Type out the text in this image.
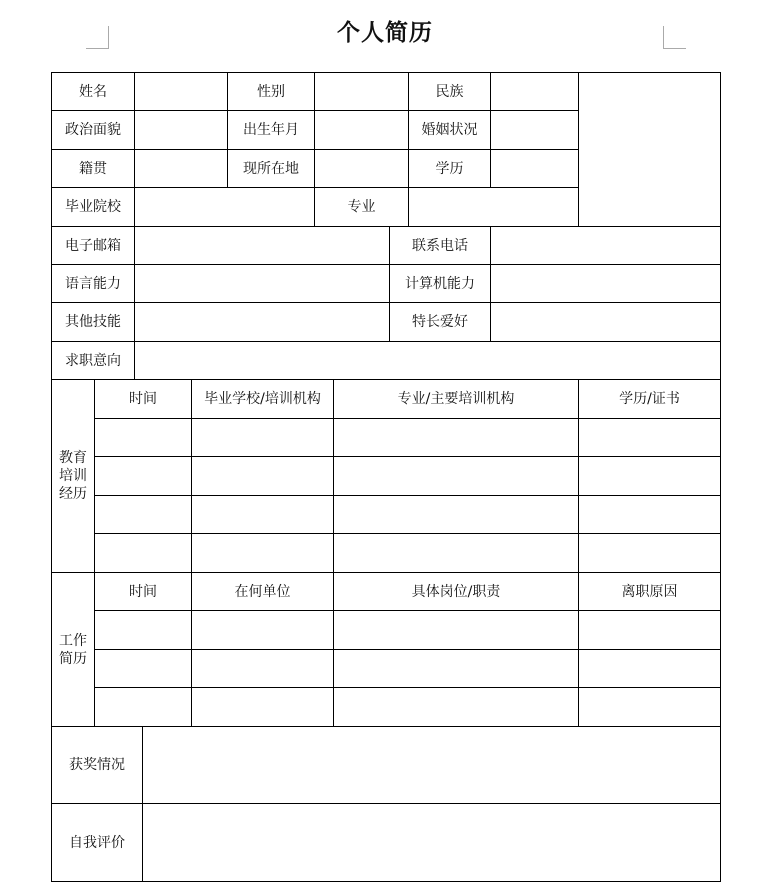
个人简历
姓名		性别			民族		
政治面貌		出生年月			婚姻状况		
籍贯		现所在地			学历		
毕业院校			专业				
电子邮箱				联系电话			
语言能力				计算机能力			
其他技能				特长爱好			
求职意向							
教育
培训
经历	时间	毕业学校/培训机构	专业/主要培训机构	学历/证书

工作
简历	时间	在何单位	具体岗位/职责	离职原因

获奖情况	
自我评价	
